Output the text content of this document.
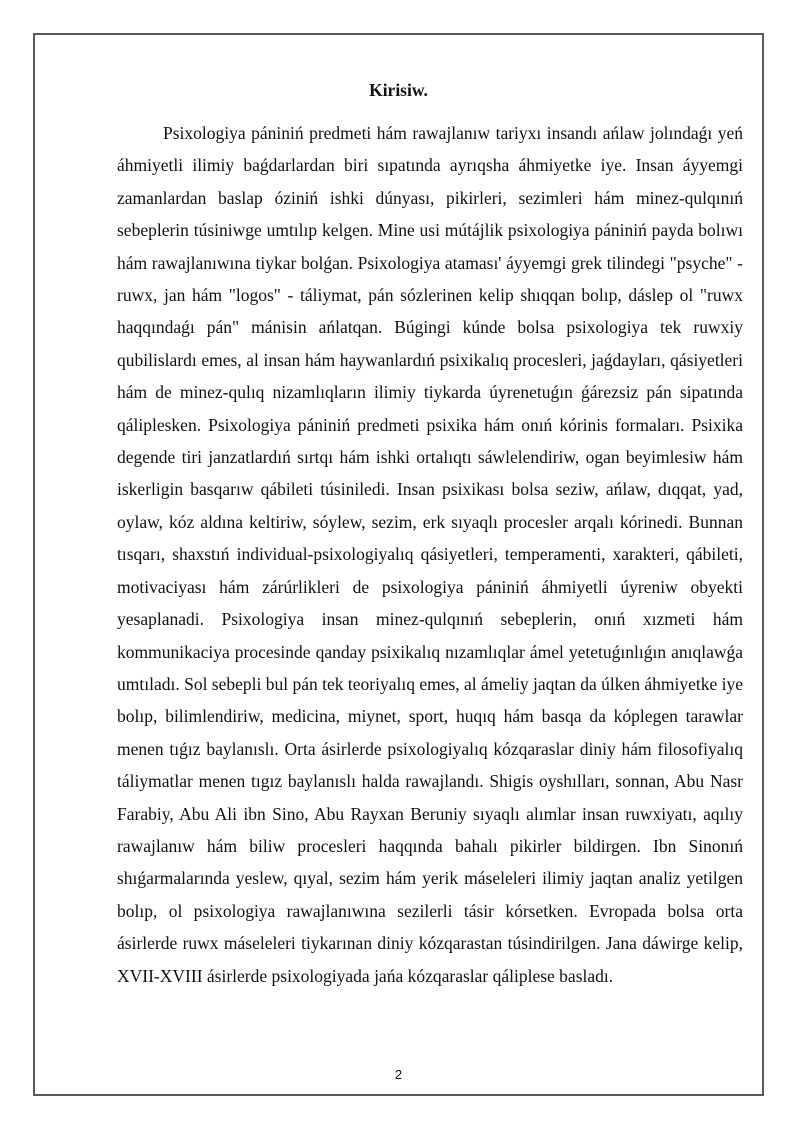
Kirisiw.

Psixologiya pániniń predmeti hám rawajlanıw tariyxı insandı ańlaw jolındaǵı yeń áhmiyetli ilimiy baǵdarlardan biri sıpatında ayrıqsha áhmiyetke iye. Insan áyyemgi zamanlardan baslap óziniń ishki dúnyası, pikirleri, sezimleri hám minez-qulqınıń sebeplerin túsiniwge umtılıp kelgen. Mine usi mútájlik psixologiya pániniń payda bolıwı hám rawajlanıwına tiykar bolǵan. Psixologiya ataması' áyyemgi grek tilindegi "psyche" - ruwx, jan hám "logos" - táliymat, pán sózlerinen kelip shıqqan bolıp, dáslep ol "ruwx haqqındaǵı pán" mánisin ańlatqan. Búgingi kúnde bolsa psixologiya tek ruwxiy qubilislardı emes, al insan hám haywanlardıń psixikalıq procesleri, jaǵdayları, qásiyetleri hám de minez-qulıq nizamlıqların ilimiy tiykarda úyrenetuǵın ǵárezsiz pán sipatında qáliplesken. Psixologiya pániniń predmeti psixika hám onıń kórinis formaları. Psixika degende tiri janzatlardıń sırtqı hám ishki ortalıqtı sáwlelendiriw, ogan beyimlesiw hám iskerligin basqarıw qábileti túsiniledi. Insan psixikası bolsa seziw, ańlaw, dıqqat, yad, oylaw, kóz aldına keltiriw, sóylew, sezim, erk sıyaqlı procesler arqalı kórinedi. Bunnan tısqarı, shaxstıń individual-psixologiyalıq qásiyetleri, temperamenti, xarakteri, qábileti, motivaciyası hám zárúrlikleri de psixologiya pániniń áhmiyetli úyreniw obyekti yesaplanadi. Psixologiya insan minez-qulqınıń sebeplerin, onıń xızmeti hám kommunikaciya procesinde qanday psixikalıq nızamlıqlar ámel yetetuǵınlıǵın anıqlawǵa umtıladı. Sol sebepli bul pán tek teoriyalıq emes, al ámeliy jaqtan da úlken áhmiyetke iye bolıp, bilimlendiriw, medicina, miynet, sport, huqıq hám basqa da kóplegen tarawlar menen tıǵız baylanıslı. Orta ásirlerde psixologiyalıq kózqaraslar diniy hám filosofiyalıq táliymatlar menen tıgız baylanıslı halda rawajlandı. Shigis oyshılları, sonnan, Abu Nasr Farabiy, Abu Ali ibn Sino, Abu Rayxan Beruniy sıyaqlı alımlar insan ruwxiyatı, aqılıy rawajlanıw hám biliw procesleri haqqında bahalı pikirler bildirgen. Ibn Sinonıń shıǵarmalarında yeslew, qıyal, sezim hám yerik máseleleri ilimiy jaqtan analiz yetilgen bolıp, ol psixologiya rawajlanıwına sezilerli tásir kórsetken. Evropada bolsa orta ásirlerde ruwx máseleleri tiykarınan diniy kózqarastan túsindirilgen. Jana dáwirge kelip, XVII-XVIII ásirlerde psixologiyada jańa kózqaraslar qáliplese basladı.

2
